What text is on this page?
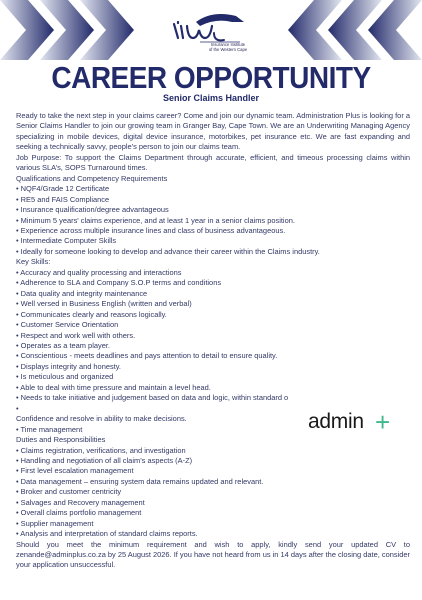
Insurance Institute
of the Western Cape
CAREER OPPORTUNITY
Senior Claims Handler

Ready to take the next step in your claims career? Come and join our dynamic team. Administration Plus is looking for a Senior Claims Handler to join our growing team in Granger Bay, Cape Town. We are an Underwriting Managing Agency specializing in mobile devices, digital device insurance, motorbikes, pet insurance etc. We are fast expanding and seeking a technically savvy, people’s person to join our claims team.

Job Purpose: To support the Claims Department through accurate, efficient, and timeous processing claims within various SLA’s, SOPS Turnaround times.

Qualifications and Competency Requirements

• NQF4/Grade 12 Certificate

• RE5 and FAIS Compliance

• Insurance qualification/degree advantageous

• Minimum 5 years' claims experience, and at least 1 year in a senior claims position.

• Experience across multiple insurance lines and class of business advantageous.

• Intermediate Computer Skills

• Ideally for someone looking to develop and advance their career within the Claims industry.

Key Skills:

• Accuracy and quality processing and interactions

• Adherence to SLA and Company S.O.P terms and conditions

• Data quality and integrity maintenance

• Well versed in Business English (written and verbal)

• Communicates clearly and reasons logically.

• Customer Service Orientation

• Respect and work well with others.

• Operates as a team player.

• Conscientious - meets deadlines and pays attention to detail to ensure quality.

• Displays integrity and honesty.

• Is meticulous and organized

• Able to deal with time pressure and maintain a level head.

• Needs to take initiative and judgement based on data and logic, within standard o

•

Confidence and resolve in ability to make decisions.

• Time management

Duties and Responsibilities

• Claims registration, verifications, and investigation

• Handling and negotiation of all claim’s aspects (A-Z)

• First level escalation management

• Data management – ensuring system data remains updated and relevant.

• Broker and customer centricity

• Salvages and Recovery management

• Overall claims portfolio management

• Supplier management

• Analysis and interpretation of standard claims reports.

Should you meet the minimum requirement and wish to apply, kindly send your updated CV to zenande@adminplus.co.za by 25 August 2026. If you have not heard from us in 14 days after the closing date, consider your application unsuccessful.

admin +
